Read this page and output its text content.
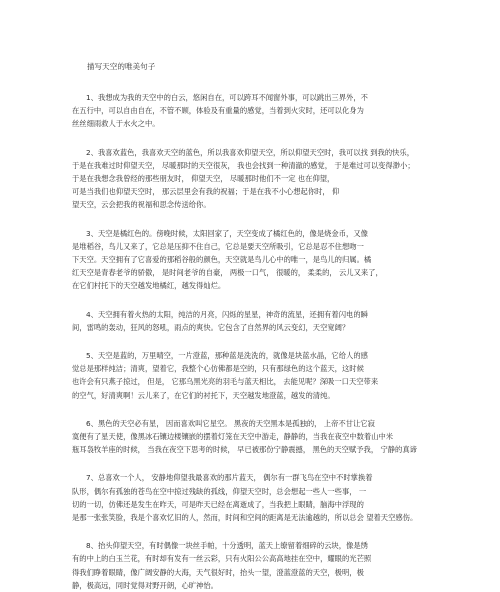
描写天空的唯美句子
1、我想成为我的天空中的白云，悠闲自在，可以跨耳不闻窗外事，可以跳出三界外，不
在五行中，可以自由自在，不管不顾，体验及有重量的感觉，当着到火灾时，还可以化身为
丝丝细雨救人于水火之中。
2、我喜欢蓝色，我喜欢天空的蓝色，所以我喜欢仰望天空，所以仰望天空时，我可以找 到我的快乐，
于是在我难过时仰望天空， 尽暖那时的天空很灰， 我也会找到一种清澈的感觉， 于是难过可以变得渺小；
于是在我想念我曾经的那些朋友时， 仰望天空， 尽暖那时他们不一定 也在仰望，
可是当我们也仰望天空时， 那云层里会有我的祝福；于是在我不小心想起你时， 仰
望天空，云会把我的祝福和思念传送给你。
3、天空是橘红色的。傍晚时候，太阳回家了，天空变成了橘红色的，像是烧金币，又像
是堆稻谷，鸟儿又来了，它总是压抑不住自己，它总是要天空所吸引，它总是忍不住想吻一
下天空。天空拥有了它喜爱的那稻谷般的颜色，天空就是鸟儿心中的唯一，是鸟儿的归属。橘
红天空是青春老爷的骄傲， 是时间老爷的自豪， 两极一口气， 很暖的， 柔柔的， 云儿又来了，
在它们村托下的天空越发地橘红，越发得灿烂。
4、天空拥有着火热的太阳，纯洁的月亮，闪烁的星星，神奇的流星，还拥有着闪电的瞬
间，雷鸣的轰动，狂风的怒吼，雨点的爽快。它包含了自然界的风云变幻，天空宽阔？
5、天空是蓝的，万里晴空，一片澄蓝，那种蓝是洗洗的，就像是块蓝水晶，它给人的感
觉总是那样纯洁；清爽，望着它，我整个心仿佛都是空的，只有那绿色的这个蓝天，这时候
也许会有只燕子掠过， 但是， 它那乌黑光亮的羽毛与蓝天相比， 去能见呢？深吸一口天空带来
的空气，好清爽啊！云儿来了，在它们的衬托下，天空越发地澄蓝，越发的清纯。
6、黑色的天空必有星， 因而喜欢叫它星空。 黑夜的天空黑本是孤独的， 上帝不甘让它寂
寞便有了星天使，像黑冰石镶边楼镶嵌的摆着灯笼在天空中游走，静静的，当我在夜空中数着山中米
瓶耳袅牧羊座的时候， 当我在夜空下思考的时候， 早已被那份宁静震撼， 黑色的天空赋予我， 宁静的真谛
7、总喜欢一个人， 安静地仰望我最喜欢的那片蓝天， 偶尔有一群飞鸟在空中不时掌换着
队形，偶尔有孤独的苍鸟在空中掠过残缺的孤线，仰望天空时，总会想起一些人一些事， 一
切的一切，仿佛还是发生在昨天，可是昨天已经在离逝成了，当我把上眼睛，脑海中浮现的
是那一张张笑脸，我是个喜欢忆旧的人，然而，时间和空间的距离是无法逾越的，所以总会 望着天空感伤。
8、抬头仰望天空，有时偶像一块丝手帕，十分透明，蓝天上缭留着细碎的云块，像是绣
有的中上的白玉兰花，有时却有发有一丝云彩，只有火阳公公高高地挂在空中，耀眼的光芒照
得我们睁着眼睛，像广阔安静的大海，天气很好时，抬头一望，澄蓝澄蓝的天空，极明，极
静，极高远，同时觉得对野开朗，心旷神怡。
